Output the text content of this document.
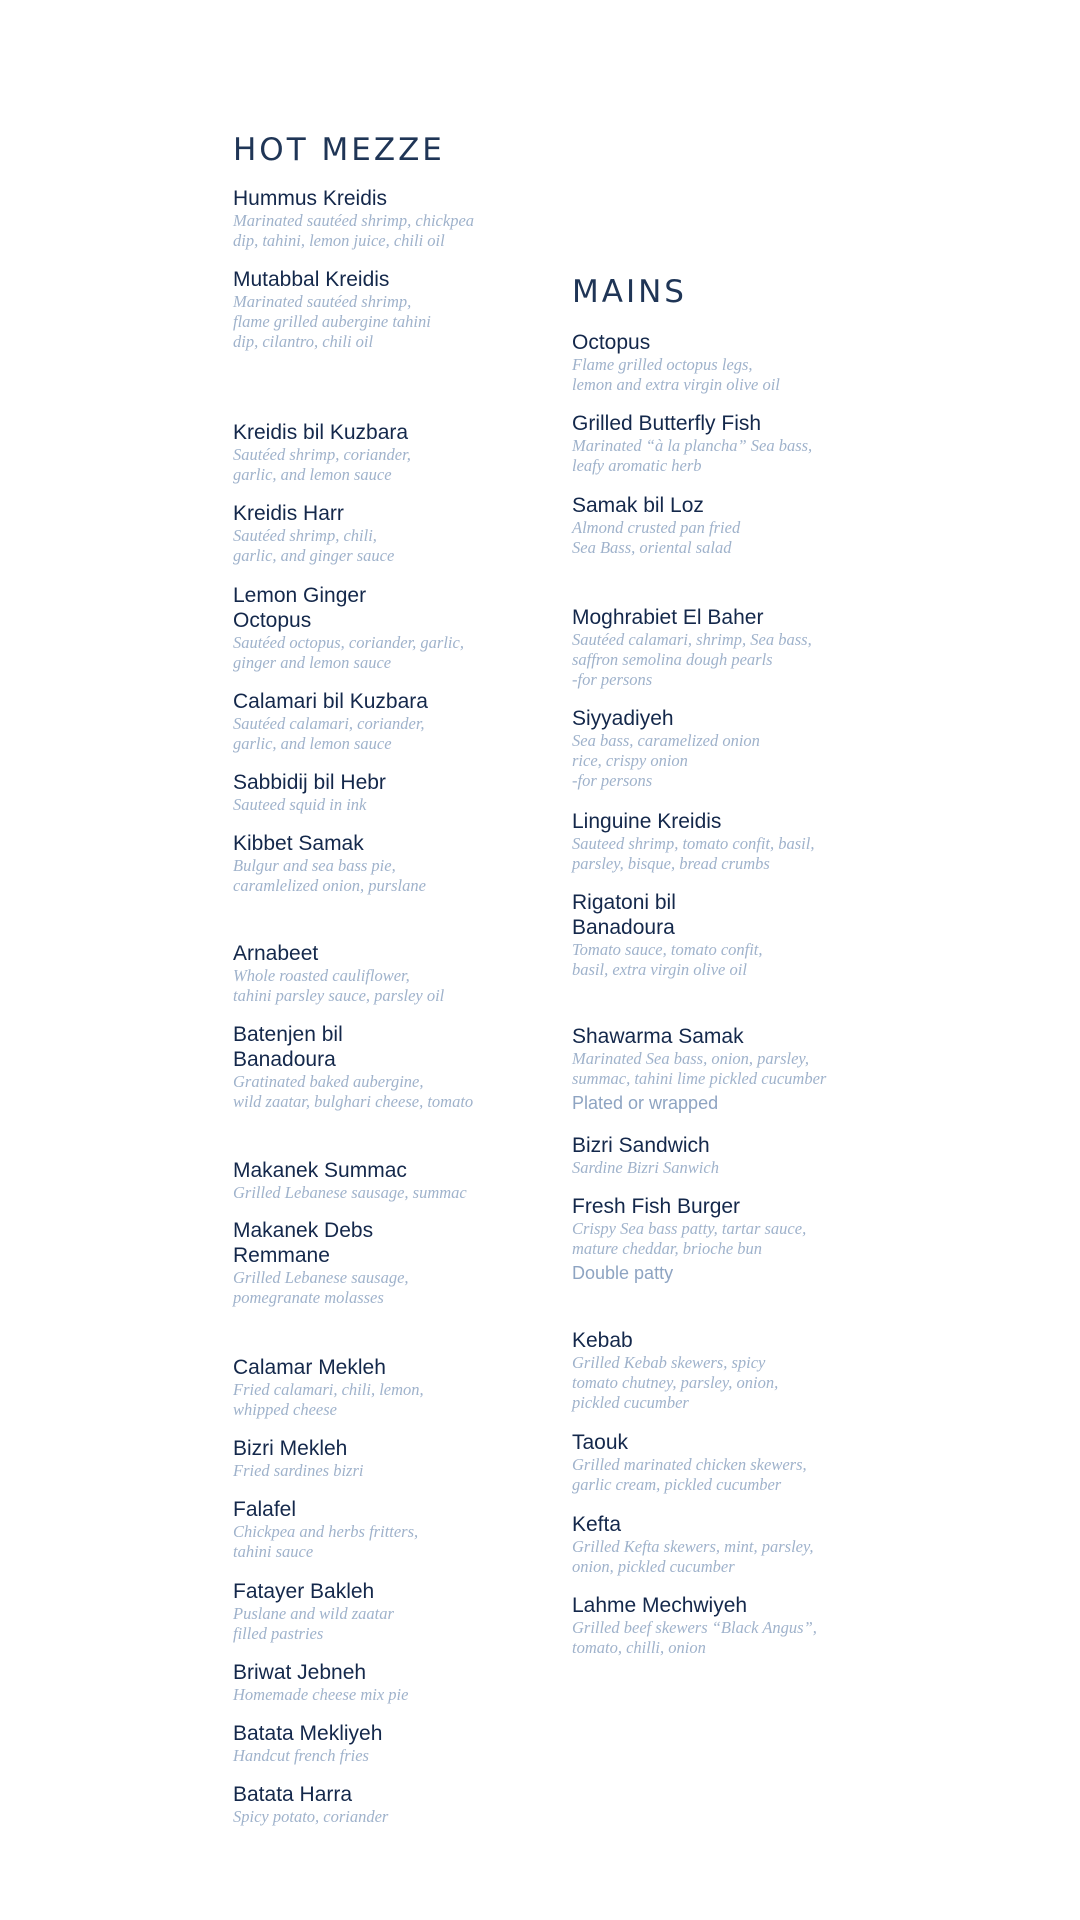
HOT MEZZE
Hummus Kreidis
Marinated sautéed shrimp, chickpea
dip, tahini, lemon juice, chili oil
Mutabbal Kreidis
Marinated sautéed shrimp,
flame grilled aubergine tahini
dip, cilantro, chili oil
Kreidis bil Kuzbara
Sautéed shrimp, coriander,
garlic, and lemon sauce
Kreidis Harr
Sautéed shrimp, chili,
garlic, and ginger sauce
Lemon Ginger
Octopus
Sautéed octopus, coriander, garlic,
ginger and lemon sauce
Calamari bil Kuzbara
Sautéed calamari, coriander,
garlic, and lemon sauce
Sabbidij bil Hebr
Sauteed squid in ink
Kibbet Samak
Bulgur and sea bass pie,
caramlelized onion, purslane
Arnabeet
Whole roasted cauliflower,
tahini parsley sauce, parsley oil
Batenjen bil
Banadoura
Gratinated baked aubergine,
wild zaatar, bulghari cheese, tomato
Makanek Summac
Grilled Lebanese sausage, summac
Makanek Debs
Remmane
Grilled Lebanese sausage,
pomegranate molasses
Calamar Mekleh
Fried calamari, chili, lemon,
whipped cheese
Bizri Mekleh
Fried sardines bizri
Falafel
Chickpea and herbs fritters,
tahini sauce
Fatayer Bakleh
Puslane and wild zaatar
filled pastries
Briwat Jebneh
Homemade cheese mix pie
Batata Mekliyeh
Handcut french fries
Batata Harra
Spicy potato, coriander
MAINS
Octopus
Flame grilled octopus legs,
lemon and extra virgin olive oil
Grilled Butterfly Fish
Marinated “à la plancha” Sea bass,
leafy aromatic herb
Samak bil Loz
Almond crusted pan fried
Sea Bass, oriental salad
Moghrabiet El Baher
Sautéed calamari, shrimp, Sea bass,
saffron semolina dough pearls
-for persons
Siyyadiyeh
Sea bass, caramelized onion
rice, crispy onion
-for persons
Linguine Kreidis
Sauteed shrimp, tomato confit, basil,
parsley, bisque, bread crumbs
Rigatoni bil
Banadoura
Tomato sauce, tomato confit,
basil, extra virgin olive oil
Shawarma Samak
Marinated Sea bass, onion, parsley,
summac, tahini lime pickled cucumber
Plated or wrapped
Bizri Sandwich
Sardine Bizri Sanwich
Fresh Fish Burger
Crispy Sea bass patty, tartar sauce,
mature cheddar, brioche bun
Double patty
Kebab
Grilled Kebab skewers, spicy
tomato chutney, parsley, onion,
pickled cucumber
Taouk
Grilled marinated chicken skewers,
garlic cream, pickled cucumber
Kefta
Grilled Kefta skewers, mint, parsley,
onion, pickled cucumber
Lahme Mechwiyeh
Grilled beef skewers “Black Angus”,
tomato, chilli, onion
